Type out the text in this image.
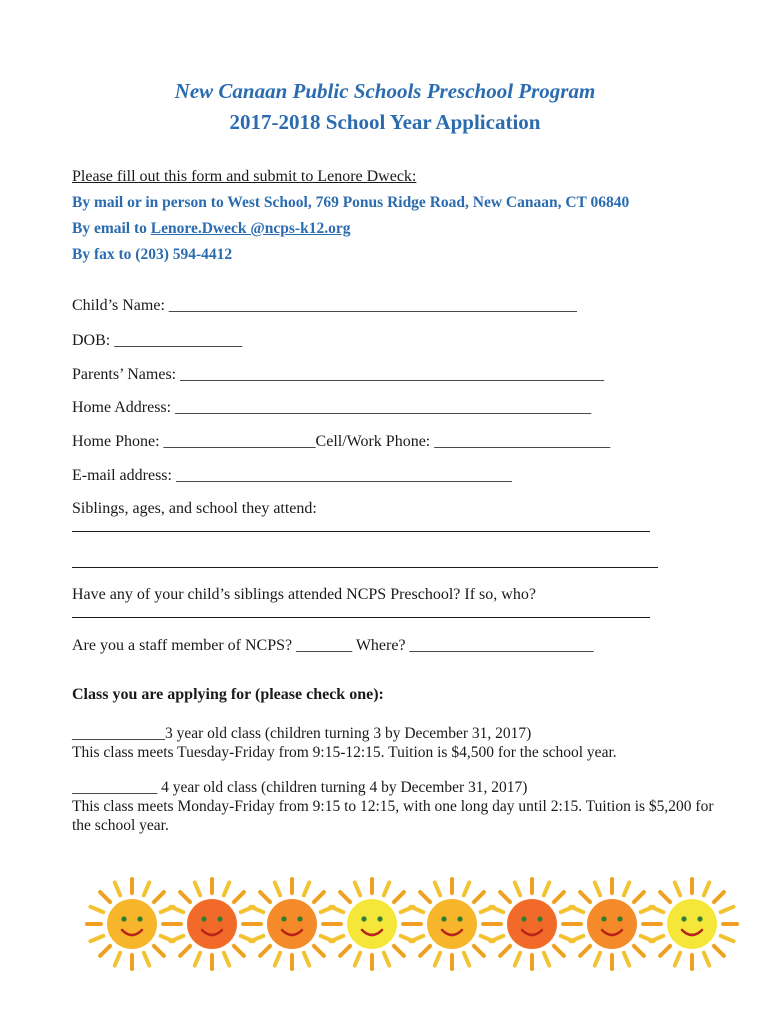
New Canaan Public Schools Preschool Program
2017-2018 School Year Application
Please fill out this form and submit to Lenore Dweck:
By mail or in person to West School, 769 Ponus Ridge Road, New Canaan, CT 06840
By email to Lenore.Dweck @ncps-k12.org
By fax to (203) 594-4412
Child’s Name: ___________________________________________________
DOB: ________________
Parents’ Names: _____________________________________________________
Home Address: ____________________________________________________
Home Phone: ___________________Cell/Work Phone: ______________________
E-mail address: __________________________________________
Siblings, ages, and school they attend:
Have any of your child’s siblings attended NCPS Preschool? If so, who?
Are you a staff member of NCPS? _______ Where? _______________________
Class you are applying for (please check one):
____________3 year old class (children turning 3 by December 31, 2017)
This class meets Tuesday-Friday from 9:15-12:15. Tuition is $4,500 for the school year.
___________ 4 year old class (children turning 4 by December 31, 2017)
This class meets Monday-Friday from 9:15 to 12:15, with one long day until 2:15. Tuition is $5,200 for the school year.
